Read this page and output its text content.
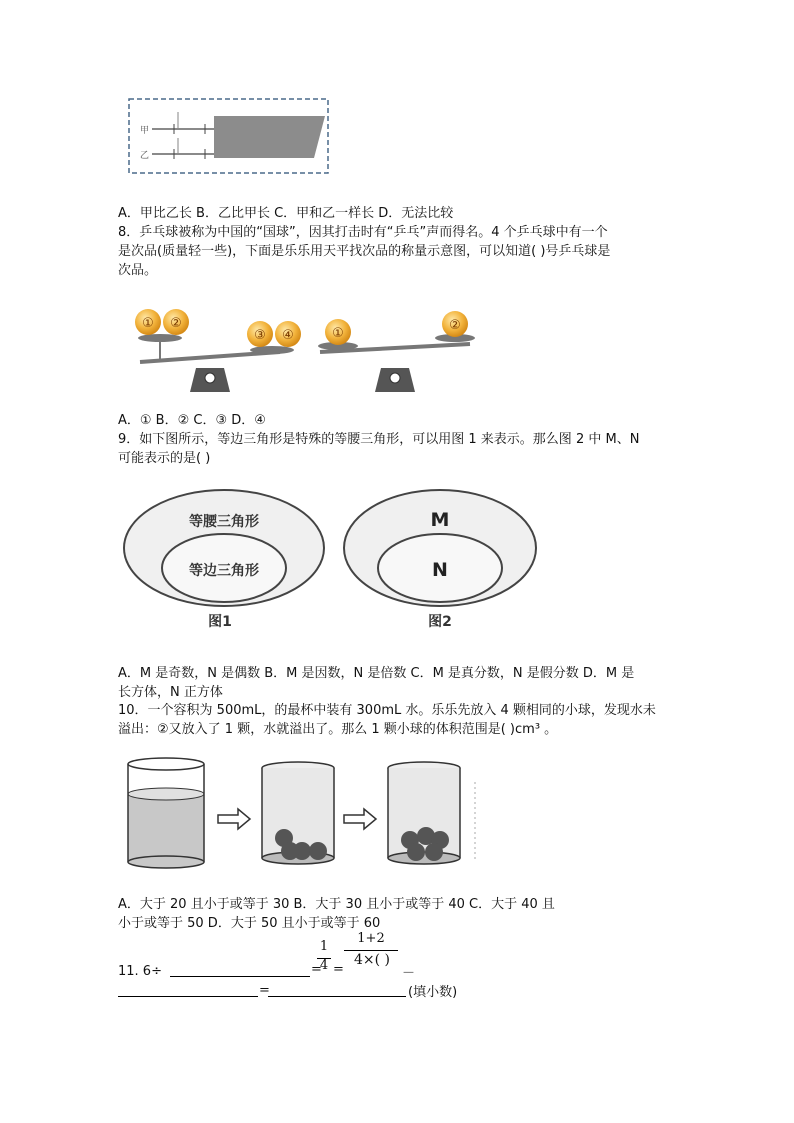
甲
乙
A．甲比乙长 B．乙比甲长 C．甲和乙一样长 D．无法比较
8．乒乓球被称为中国的“国球”，因其打击时有“乒乓”声而得名。4 个乒乓球中有一个
是次品(质量轻一些)，下面是乐乐用天平找次品的称量示意图，可以知道( )号乒乓球是
次品。
① ②
③ ④	①
②
A．① B．② C．③ D．④
9．如下图所示，等边三角形是特殊的等腰三角形，可以用图 1 来表示。那么图 2 中 M、N
可能表示的是( )
等腰三角形
等边三角形
图1
M
N
图2
A．M 是奇数，N 是偶数 B．M 是因数，N 是倍数 C．M 是真分数，N 是假分数 D．M 是
长方体，N 正方体
10．一个容积为 500mL，的最杯中装有 300mL 水。乐乐先放入 4 颗相同的小球，发现水未
溢出：②又放入了 1 颗，水就溢出了。那么 1 颗小球的体积范围是( )cm³ 。
A．大于 20 且小于或等于 30 B．大于 30 且小于或等于 40 C．大于 40 且
小于或等于 50 D．大于 50 且小于或等于 60
11. 6÷	=
1
4 =
1+2
4×( )
－
=	(填小数)
